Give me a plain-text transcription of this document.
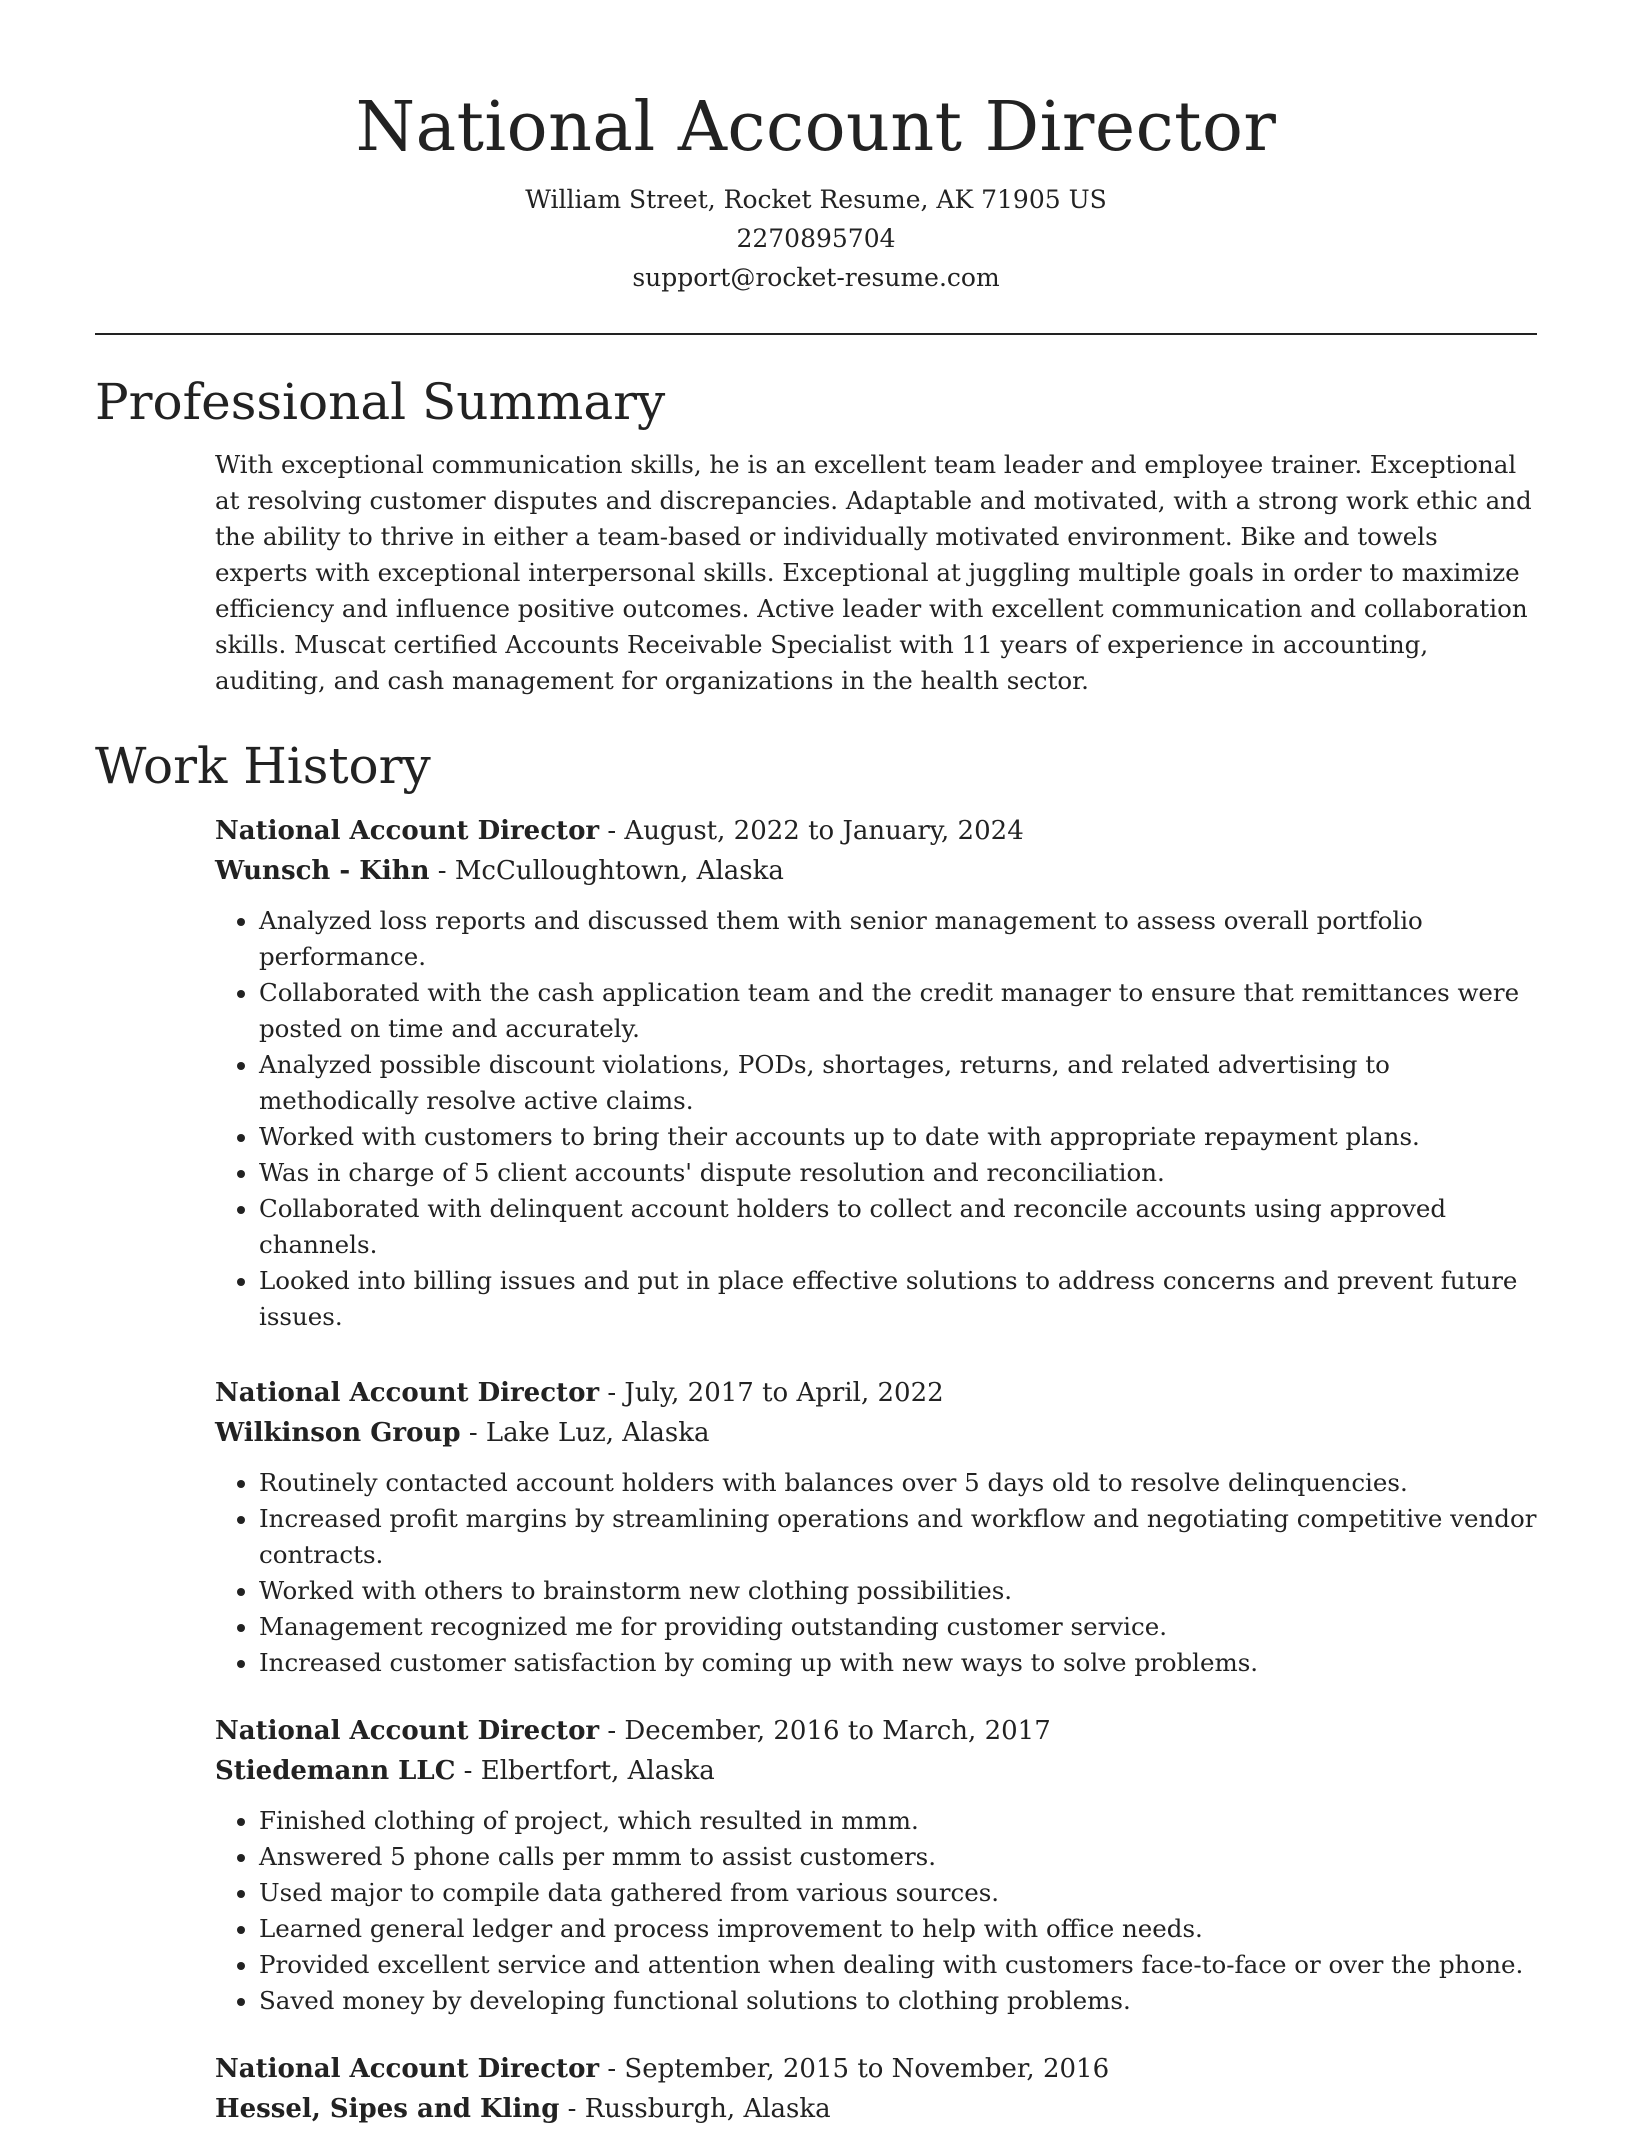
National Account Director
William Street, Rocket Resume, AK 71905 US
2270895704
support@rocket-resume.com
Professional Summary

With exceptional communication skills, he is an excellent team leader and employee trainer. Exceptional at resolving customer disputes and discrepancies. Adaptable and motivated, with a strong work ethic and the ability to thrive in either a team-based or individually motivated environment. Bike and towels experts with exceptional interpersonal skills. Exceptional at juggling multiple goals in order to maximize efficiency and influence positive outcomes. Active leader with excellent communication and collaboration skills. Muscat certified Accounts Receivable Specialist with 11 years of experience in accounting, auditing, and cash management for organizations in the health sector.

Work History

National Account Director - August, 2022 to January, 2024

Wunsch - Kihn - McCulloughtown, Alaska

• Analyzed loss reports and discussed them with senior management to assess overall portfolio performance.
• Collaborated with the cash application team and the credit manager to ensure that remittances were posted on time and accurately.
• Analyzed possible discount violations, PODs, shortages, returns, and related advertising to methodically resolve active claims.
• Worked with customers to bring their accounts up to date with appropriate repayment plans.
• Was in charge of 5 client accounts' dispute resolution and reconciliation.
• Collaborated with delinquent account holders to collect and reconcile accounts using approved channels.
• Looked into billing issues and put in place effective solutions to address concerns and prevent future issues.

National Account Director - July, 2017 to April, 2022

Wilkinson Group - Lake Luz, Alaska

• Routinely contacted account holders with balances over 5 days old to resolve delinquencies.
• Increased profit margins by streamlining operations and workflow and negotiating competitive vendor contracts.
• Worked with others to brainstorm new clothing possibilities.
• Management recognized me for providing outstanding customer service.
• Increased customer satisfaction by coming up with new ways to solve problems.

National Account Director - December, 2016 to March, 2017

Stiedemann LLC - Elbertfort, Alaska

• Finished clothing of project, which resulted in mmm.
• Answered 5 phone calls per mmm to assist customers.
• Used major to compile data gathered from various sources.
• Learned general ledger and process improvement to help with office needs.
• Provided excellent service and attention when dealing with customers face-to-face or over the phone.
• Saved money by developing functional solutions to clothing problems.

National Account Director - September, 2015 to November, 2016

Hessel, Sipes and Kling - Russburgh, Alaska
